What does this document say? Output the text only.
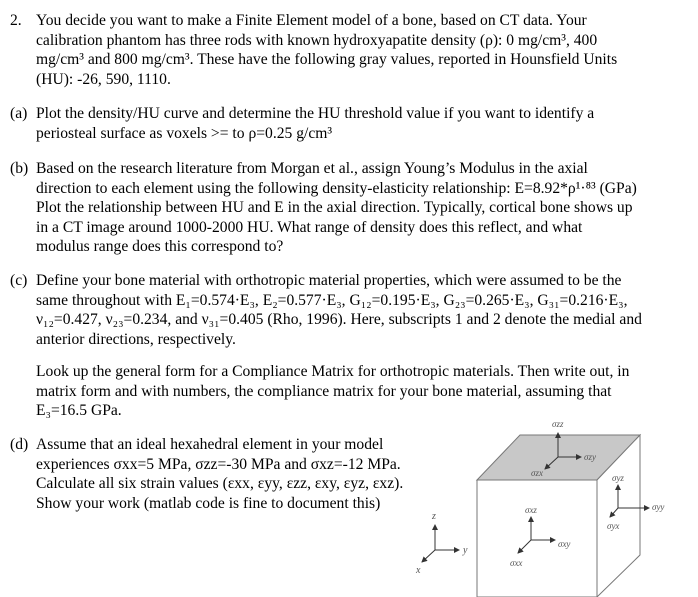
2. You decide you want to make a Finite Element model of a bone, based on CT data. Your
calibration phantom has three rods with known hydroxyapatite density (ρ): 0 mg/cm³, 400
mg/cm³ and 800 mg/cm³. These have the following gray values, reported in Hounsfield Units
(HU): -26, 590, 1110.
(a) Plot the density/HU curve and determine the HU threshold value if you want to identify a
periosteal surface as voxels >= to ρ=0.25 g/cm³
(b) Based on the research literature from Morgan et al., assign Young’s Modulus in the axial
direction to each element using the following density-elasticity relationship: E=8.92*ρ¹·⁸³ (GPa)
Plot the relationship between HU and E in the axial direction. Typically, cortical bone shows up
in a CT image around 1000-2000 HU. What range of density does this reflect, and what
modulus range does this correspond to?
(c) Define your bone material with orthotropic material properties, which were assumed to be the
same throughout with E₁=0.574·E₃, E₂=0.577·E₃, G₁₂=0.195·E₃, G₂₃=0.265·E₃, G₃₁=0.216·E₃,
ν₁₂=0.427, ν₂₃=0.234, and ν₃₁=0.405 (Rho, 1996). Here, subscripts 1 and 2 denote the medial and
anterior directions, respectively.
Look up the general form for a Compliance Matrix for orthotropic materials. Then write out, in
matrix form and with numbers, the compliance matrix for your bone material, assuming that
E₃=16.5 GPa.
(d) Assume that an ideal hexahedral element in your model
experiences σxx=5 MPa, σzz=-30 MPa and σxz=-12 MPa.
Calculate all six strain values (εxx, εyy, εzz, εxy, εyz, εxz).
Show your work (matlab code is fine to document this)
z
y
x
σzz
σzy
σzx	σyz
σyy
σyx
σxz
σxy
σxx
